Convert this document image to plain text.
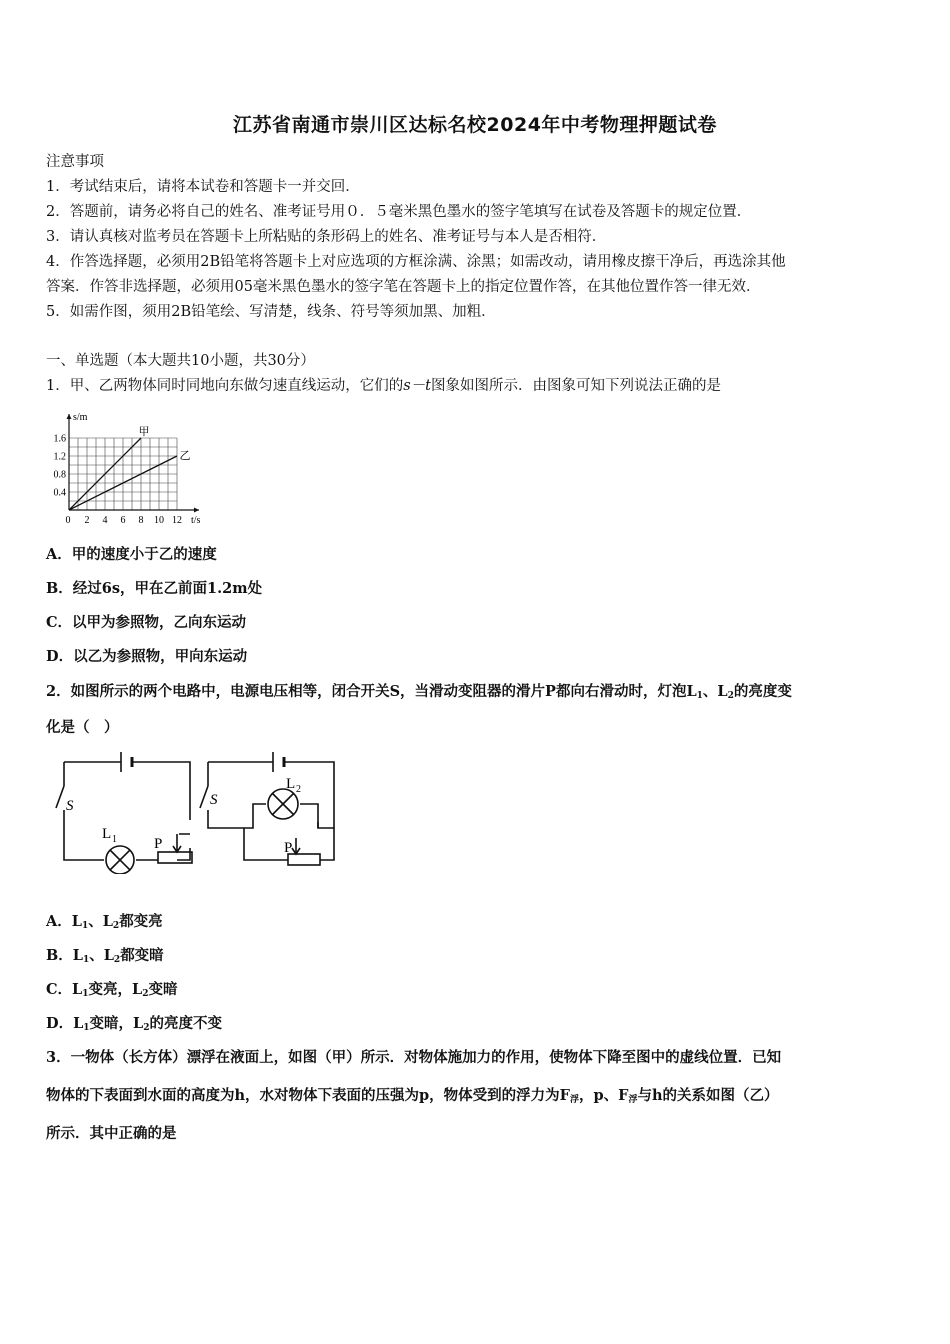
江苏省南通市崇川区达标名校2024年中考物理押题试卷
注意事项
1．考试结束后，请将本试卷和答题卡一并交回．
2．答题前，请务必将自己的姓名、准考证号用０．５毫米黑色墨水的签字笔填写在试卷及答题卡的规定位置．
3．请认真核对监考员在答题卡上所粘贴的条形码上的姓名、准考证号与本人是否相符．
4．作答选择题，必须用2B铅笔将答题卡上对应选项的方框涂满、涂黑；如需改动，请用橡皮擦干净后，再选涂其他
答案．作答非选择题，必须用05毫米黑色墨水的签字笔在答题卡上的指定位置作答，在其他位置作答一律无效．
5．如需作图，须用2B铅笔绘、写清楚，线条、符号等须加黑、加粗．
一、单选题（本大题共10小题，共30分）
1．甲、乙两物体同时同地向东做匀速直线运动，它们的s－t图象如图所示．由图象可知下列说法正确的是
s/m
t/s
1.6
1.2
0.8
0.4
0 2 4 6 8 10 12
甲
乙
A．甲的速度小于乙的速度
B．经过6s，甲在乙前面1.2m处
C．以甲为参照物，乙向东运动
D．以乙为参照物，甲向东运动
2．如图所示的两个电路中，电源电压相等，闭合开关S，当滑动变阻器的滑片P都向右滑动时，灯泡$L_1$、$L_2$的亮度变
化是（　）
S	S
L 1
L 2
P	P
A．$L_1$、$L_2$都变亮
B．$L_1$、$L_2$都变暗
C．$L_1$变亮，$L_2$变暗
D．$L_1$变暗，$L_2$的亮度不变
3．一物体（长方体）漂浮在液面上，如图（甲）所示．对物体施加力的作用，使物体下降至图中的虚线位置．已知
物体的下表面到水面的高度为h，水对物体下表面的压强为p，物体受到的浮力为$F_浮$，p、$F_浮$与h的关系如图（乙）
所示．其中正确的是
